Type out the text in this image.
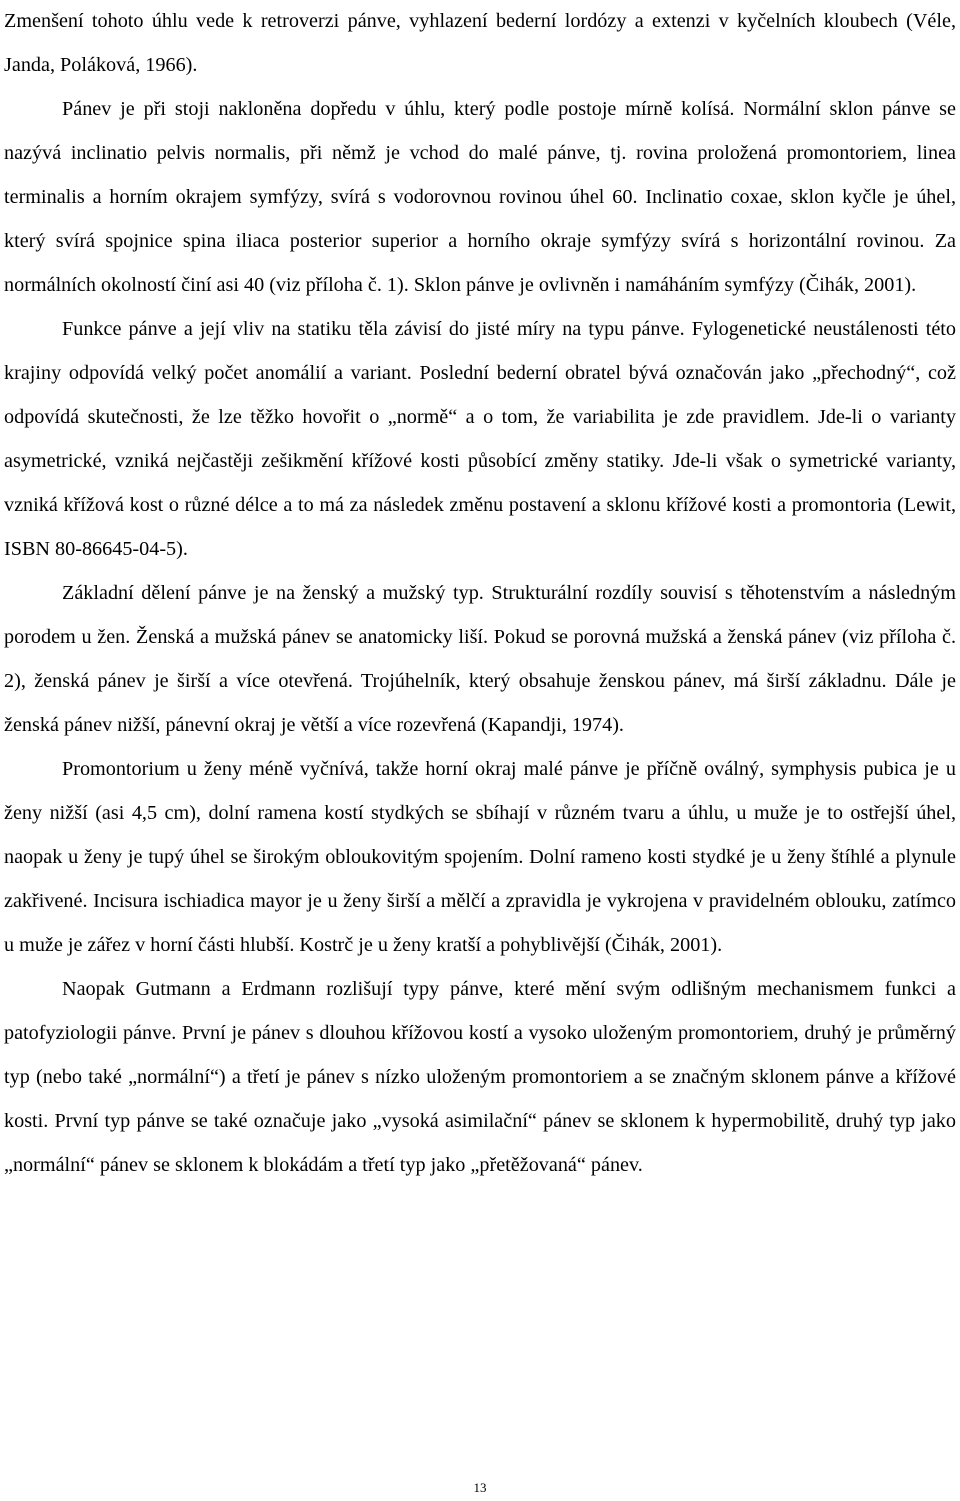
Zmenšení tohoto úhlu vede k retroverzi pánve, vyhlazení bederní lordózy a extenzi v kyčelních kloubech (Véle, Janda, Poláková, 1966).

Pánev je při stoji nakloněna dopředu v úhlu, který podle postoje mírně kolísá. Normální sklon pánve se nazývá inclinatio pelvis normalis, při němž je vchod do malé pánve, tj. rovina proložená promontoriem, linea terminalis a horním okrajem symfýzy, svírá s vodorovnou rovinou úhel 60. Inclinatio coxae, sklon kyčle je úhel, který svírá spojnice spina iliaca posterior superior a horního okraje symfýzy svírá s horizontální rovinou. Za normálních okolností činí asi 40 (viz příloha č. 1). Sklon pánve je ovlivněn i namáháním symfýzy (Čihák, 2001).

Funkce pánve a její vliv na statiku těla závisí do jisté míry na typu pánve. Fylogenetické neustálenosti této krajiny odpovídá velký počet anomálií a variant. Poslední bederní obratel bývá označován jako „přechodný“, což odpovídá skutečnosti, že lze těžko hovořit o „normě“ a o tom, že variabilita je zde pravidlem. Jde-li o varianty asymetrické, vzniká nejčastěji zešikmění křížové kosti působící změny statiky. Jde-li však o symetrické varianty, vzniká křížová kost o různé délce a to má za následek změnu postavení a sklonu křížové kosti a promontoria (Lewit, ISBN 80-86645-04-5).

Základní dělení pánve je na ženský a mužský typ. Strukturální rozdíly souvisí s těhotenstvím a následným porodem u žen. Ženská a mužská pánev se anatomicky liší. Pokud se porovná mužská a ženská pánev (viz příloha č. 2), ženská pánev je širší a více otevřená. Trojúhelník, který obsahuje ženskou pánev, má širší základnu. Dále je ženská pánev nižší, pánevní okraj je větší a více rozevřená (Kapandji, 1974).

Promontorium u ženy méně vyčnívá, takže horní okraj malé pánve je příčně oválný, symphysis pubica je u ženy nižší (asi 4,5 cm), dolní ramena kostí stydkých se sbíhají v různém tvaru a úhlu, u muže je to ostřejší úhel, naopak u ženy je tupý úhel se širokým obloukovitým spojením. Dolní rameno kosti stydké je u ženy štíhlé a plynule zakřivené. Incisura ischiadica mayor je u ženy širší a mělčí a zpravidla je vykrojena v pravidelném oblouku, zatímco u muže je zářez v horní části hlubší. Kostrč je u ženy kratší a pohyblivější (Čihák, 2001).

Naopak Gutmann a Erdmann rozlišují typy pánve, které mění svým odlišným mechanismem funkci a patofyziologii pánve. První je pánev s dlouhou křížovou kostí a vysoko uloženým promontoriem, druhý je průměrný typ (nebo také „normální“) a třetí je pánev s nízko uloženým promontoriem a se značným sklonem pánve a křížové kosti. První typ pánve se také označuje jako „vysoká asimilační“ pánev se sklonem k hypermobilitě, druhý typ jako „normální“ pánev se sklonem k blokádám a třetí typ jako „přetěžovaná“ pánev.

13
